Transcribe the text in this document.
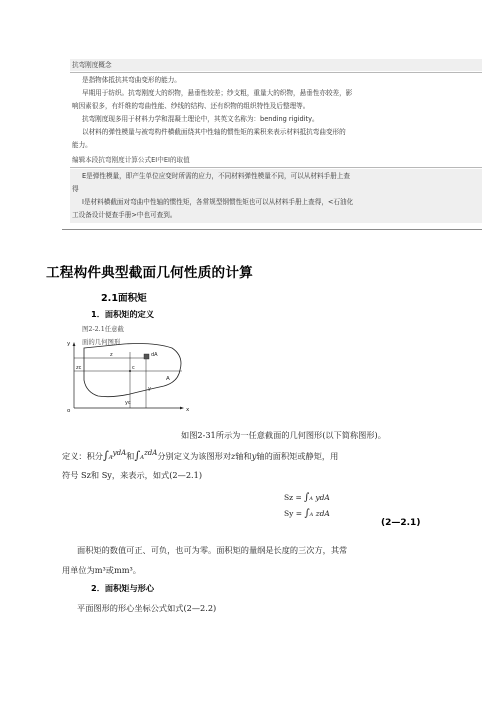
抗弯刚度概念
是指物体抵抗其弯曲变形的能力。
早期用于纺织。抗弯刚度大的织物，悬垂性较差；纱支粗，重量大的织物，悬垂性亦较差，影
响因素很多，有纤维的弯曲性能、纱线的结构、还有织物的组织特性及后整理等。
抗弯刚度现多用于材料力学和混凝土理论中，其英文名称为：bending rigidity。
以材料的弹性模量与被弯构件横截面绕其中性轴的惯性矩的乘积来表示材料抵抗弯曲变形的
能力。
编辑本段抗弯刚度计算公式EI中EI的取值
E是弹性模量，即产生单位应变时所需的应力，不同材料弹性模量不同，可以从材料手册上查
得
I是材料横截面对弯曲中性轴的惯性矩，各常规型钢惯性矩也可以从材料手册上查得，<石油化
工设备设计便查手册>中也可查到。
工程构件典型截面几何性质的计算
2.1面积矩
1．面积矩的定义
图2-2.1任意截
面的几何图形
y
o	x
zc
yc
c
dA
A
z
y
如图2-31所示为一任意截面的几何图形(以下简称图形)。
定义：积分∫AydA和∫AzdA分别定义为该图形对z轴和y轴的面积矩或静矩，用
符号 Sz和 Sy，来表示，如式(2—2.1)
Sz = ∫A ydA
Sy = ∫A zdA
(2—2.1)
面积矩的数值可正、可负，也可为零。面积矩的量纲是长度的三次方，其常
用单位为m³或mm³。
2．面积矩与形心
平面图形的形心坐标公式如式(2—2.2)
